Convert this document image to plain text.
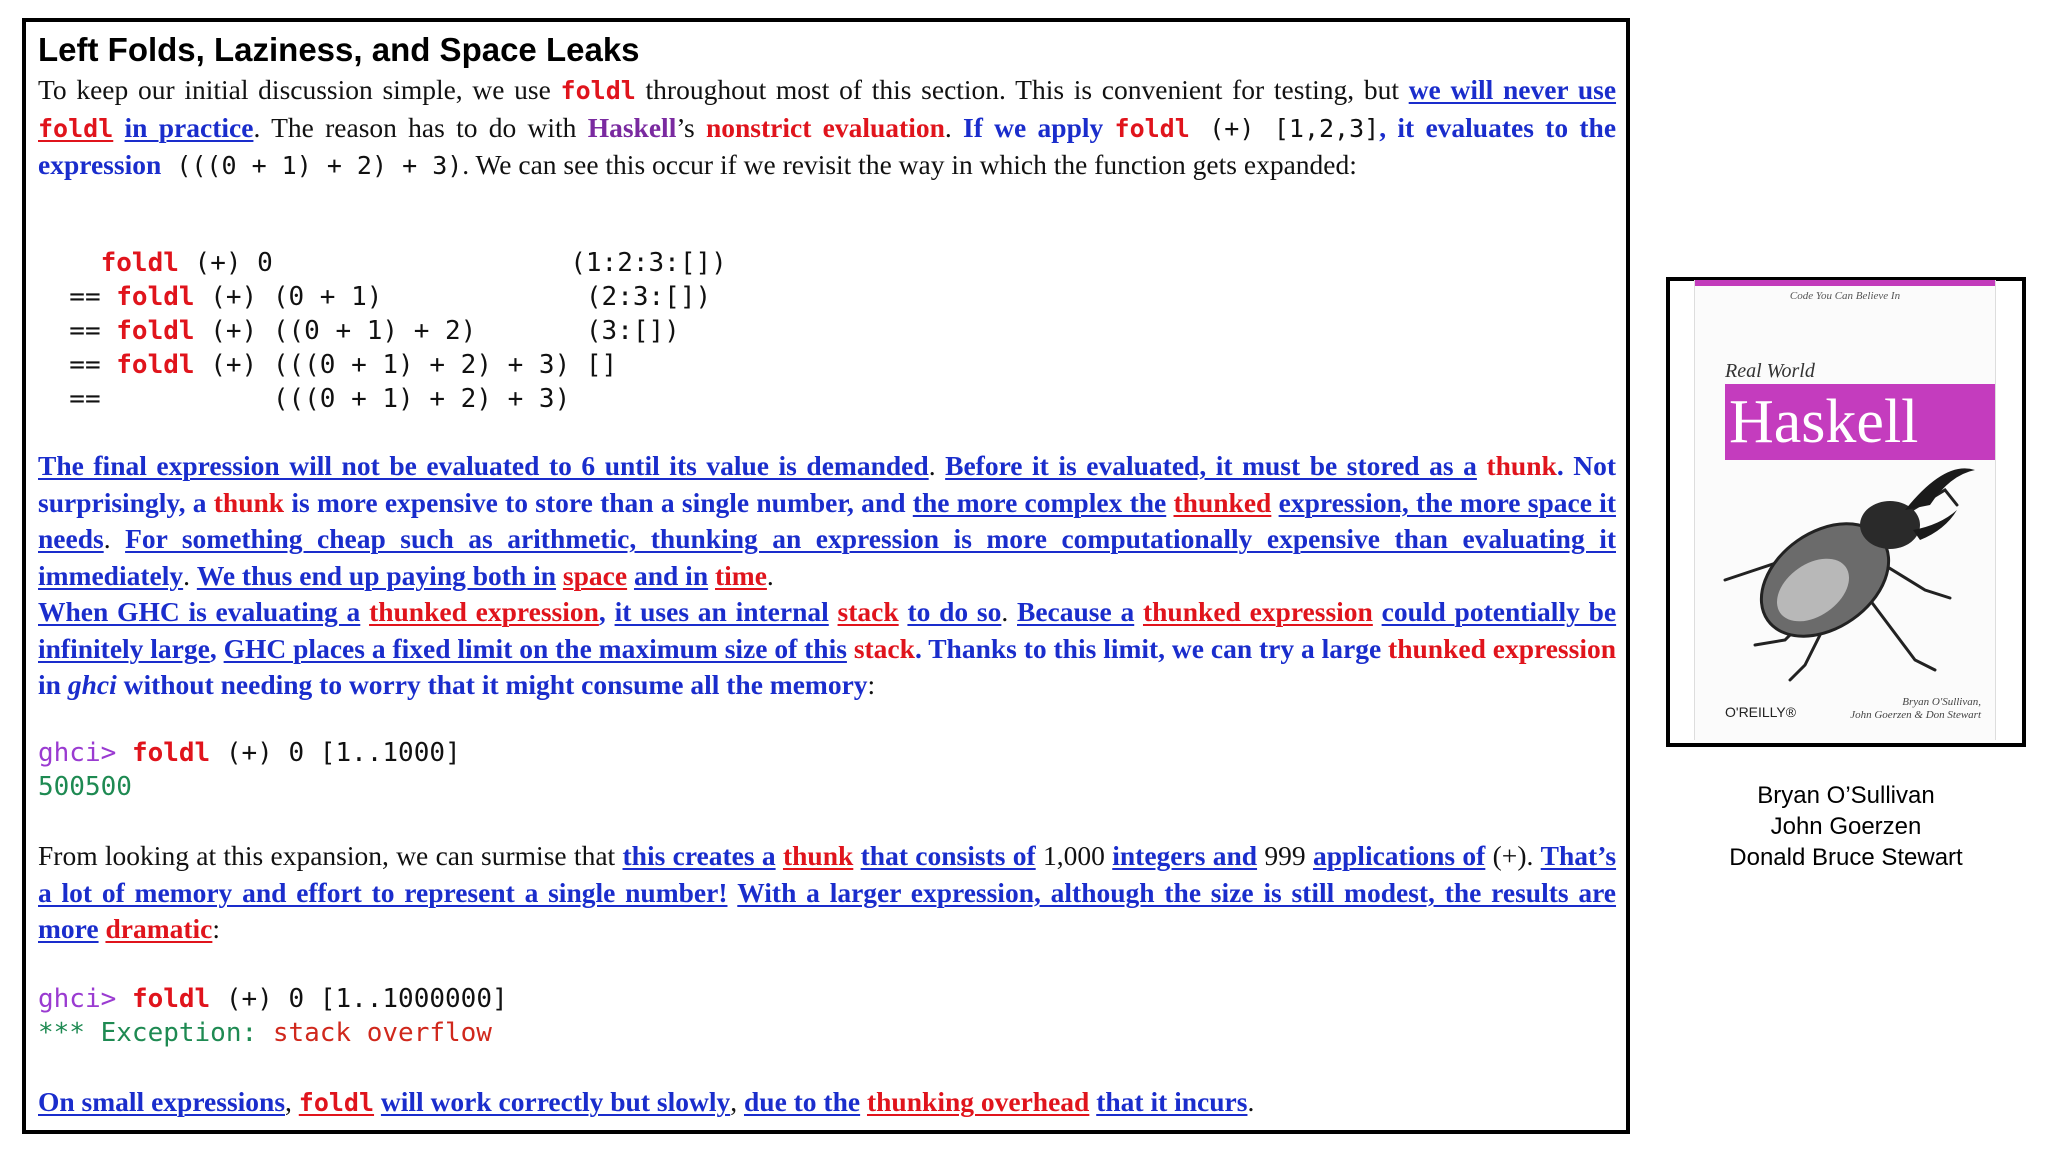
Left Folds, Laziness, and Space Leaks
To keep our initial discussion simple, we use foldl throughout most of this section. This is convenient for testing, but we will never use foldl in practice. The reason has to do with Haskell’s nonstrict evaluation. If we apply foldl (+) [1,2,3], it evaluates to the expression (((0 + 1) + 2) + 3). We can see this occur if we revisit the way in which the function gets expanded:
foldl (+) 0                   (1:2:3:[])
== foldl (+) (0 + 1)             (2:3:[])
== foldl (+) ((0 + 1) + 2)       (3:[])
== foldl (+) (((0 + 1) + 2) + 3) []
==           (((0 + 1) + 2) + 3)
The final expression will not be evaluated to 6 until its value is demanded. Before it is evaluated, it must be stored as a thunk. Not surprisingly, a thunk is more expensive to store than a single number, and the more complex the thunked expression, the more space it needs. For something cheap such as arithmetic, thunking an expression is more computationally expensive than evaluating it immediately. We thus end up paying both in space and in time.
When GHC is evaluating a thunked expression, it uses an internal stack to do so. Because a thunked expression could potentially be infinitely large, GHC places a fixed limit on the maximum size of this stack. Thanks to this limit, we can try a large thunked expression in ghci without needing to worry that it might consume all the memory:
ghci> foldl (+) 0 [1..1000]
500500
From looking at this expansion, we can surmise that this creates a thunk that consists of 1,000 integers and 999 applications of (+). That’s a lot of memory and effort to represent a single number! With a larger expression, although the size is still modest, the results are more dramatic:
ghci> foldl (+) 0 [1..1000000]
*** Exception: stack overflow
On small expressions, foldl will work correctly but slowly, due to the thunking overhead that it incurs.
Code You Can Believe In
Real World
Haskell
O'REILLY®
Bryan O'Sullivan,
John Goerzen & Don Stewart
Bryan O’Sullivan
John Goerzen
Donald Bruce Stewart
